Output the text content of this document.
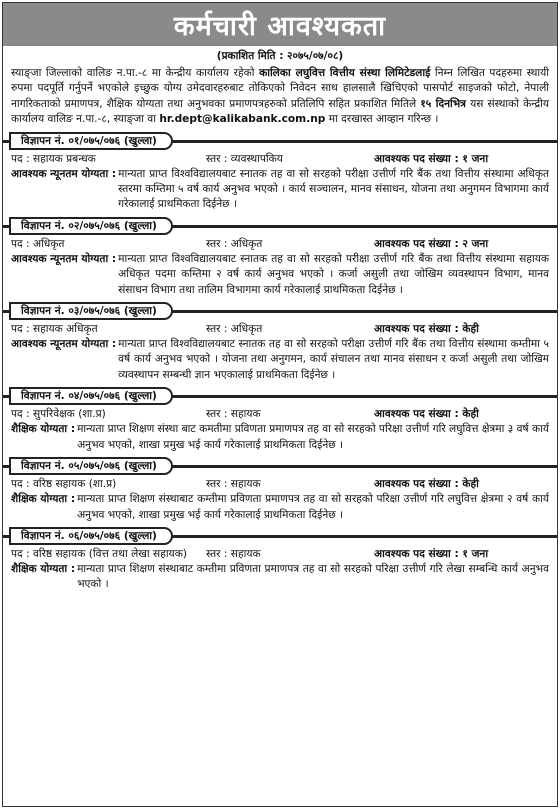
कर्मचारी आवश्यकता
(प्रकाशित मिति : २०७५/०७/०८)
स्याङ्जा जिल्लाको वालिङ न.पा.-८ मा केन्द्रीय कार्यालय रहेको कालिका लघुवित्त वित्तीय संस्था लिमिटेडलाई निम्न लिखित पदहरुमा स्थायी रुपमा पदपूर्ति गर्नुपर्ने भएकोले इच्छुक योग्य उमेदवारहरुबाट तोकिएको निवेदन साथ हालसालै खिचिएको पासपोर्ट साइजको फोटो, नेपाली नागरिकताको प्रमाणपत्र, शैक्षिक योग्यता तथा अनुभवका प्रमाणपत्रहरुको प्रतिलिपि सहित प्रकाशित मितिले १५ दिनभित्र यस संस्थाको केन्द्रीय कार्यालय वालिङ न.पा.-८, स्याङ्जा वा hr.dept@kalikabank.com.np मा दरखास्त आव्हान गरिन्छ ।
विज्ञापन नं. ०१/०७५/०७६ (खुल्ला)
पद : सहायक प्रबन्धक	स्तर : व्यवस्थापकिय	आवश्यक पद संख्या : १ जना
आवश्यक न्यूनतम योग्यता : मान्यता प्राप्त विश्वविद्यालयबाट स्नातक तह वा सो सरहको परीक्षा उत्तीर्ण गरि बैंक तथा वित्तीय संस्थामा अधिकृत स्तरमा कम्तिमा ५ वर्ष कार्य अनुभव भएको । कार्य सञ्चालन, मानव संसाधन, योजना तथा अनुगमन विभागमा कार्य गरेकालाई प्राथमिकता दिईनेछ ।
विज्ञापन नं. ०२/०७५/०७६ (खुल्ला)
पद : अधिकृत	स्तर : अधिकृत	आवश्यक पद संख्या : २ जना
आवश्यक न्यूनतम योग्यता : मान्यता प्राप्त विश्वविद्यालयबाट स्नातक तह वा सो सरहको परीक्षा उत्तीर्ण गरि बैंक तथा वित्तीय संस्थामा सहायक अधिकृत पदमा कम्तिमा २ वर्ष कार्य अनुभव भएको । कर्जा असुली तथा जोखिम व्यवस्थापन विभाग, मानव संसाधन विभाग तथा तालिम विभागमा कार्य गरेकालाई प्राथमिकता दिईनेछ ।
विज्ञापन नं. ०३/०७५/०७६ (खुल्ला)
पद : सहायक अधिकृत	स्तर : अधिकृत	आवश्यक पद संख्या : केही
आवश्यक न्यूनतम योग्यता : मान्यता प्राप्त विश्वविद्यालयबाट स्नातक तह वा सो सरहको परीक्षा उत्तीर्ण गरि बैंक तथा वित्तीय संस्थामा कम्तीमा ५ वर्ष कार्य अनुभव भएको । योजना तथा अनुगमन, कार्य संचालन तथा मानव संसाधन र कर्जा असुली तथा जोखिम व्यवस्थापन सम्बन्धी ज्ञान भएकालाई प्राथमिकता दिईनेछ ।
विज्ञापन नं. ०४/०७५/०७६ (खुल्ला)
पद : सुपरिवेक्षक (शा.प्र)	स्तर : सहायक	आवश्यक पद संख्या : केही
शैक्षिक योग्यता : मान्यता प्राप्त शिक्षण संस्था बाट कमतीमा प्रविणता प्रमाणपत्र तह वा सो सरहको परिक्षा उत्तीर्ण गरि लघुवित्त क्षेत्रमा ३ वर्ष कार्य अनुभव भएको, शाखा प्रमुख भई कार्य गरेकालाई प्राथमिकता दिईनेछ ।
विज्ञापन नं. ०५/०७५/०७६ (खुल्ला)
पद : वरिष्ठ सहायक (शा.प्र)	स्तर : सहायक	आवश्यक पद संख्या : केही
शैक्षिक योग्यता : मान्यता प्राप्त शिक्षण संस्थाबाट कम्तीमा प्रविणता प्रमाणपत्र तह वा सो सरहको परिक्षा उत्तीर्ण गरि लघुवित्त क्षेत्रमा २ वर्ष कार्य अनुभव भएको, शाखा प्रमुख भई कार्य गरेकालाई प्राथमिकता दिईनेछ ।
विज्ञापन नं. ०६/०७५/०७६ (खुल्ला)
पद : वरिष्ठ सहायक (वित्त तथा लेखा सहायक)	स्तर : सहायक	आवश्यक पद संख्या : १ जना
शैक्षिक योग्यता : मान्यता प्राप्त शिक्षण संस्थाबाट कम्तीमा प्रविणता प्रमाणपत्र तह वा सो सरहको परिक्षा उत्तीर्ण गरि लेखा सम्बन्धि कार्य अनुभव भएको ।
